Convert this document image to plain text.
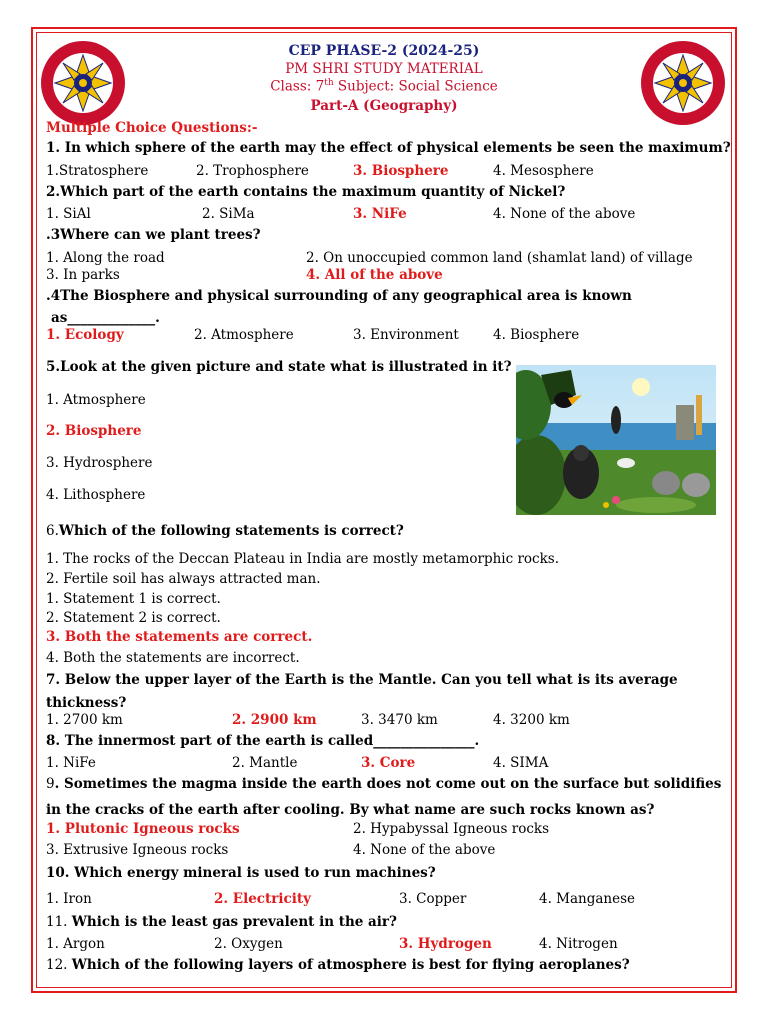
CEP PHASE-2 (2024-25)
PM SHRI STUDY MATERIAL
Class: 7th Subject: Social Science
Part-A (Geography)
Multiple Choice Questions:-
1. In which sphere of the earth may the effect of physical elements be seen the maximum?
1.Stratosphere	2. Trophosphere	3. Biosphere	4. Mesosphere
2.Which part of the earth contains the maximum quantity of Nickel?
1. SiAl	2. SiMa	3. NiFe	4. None of the above
.3Where can we plant trees?
1. Along the road	2. On unoccupied common land (shamlat land) of village
3. In parks	4. All of the above
.4The Biosphere and physical surrounding of any geographical area is known
as_____________.
1. Ecology	2. Atmosphere	3. Environment	4. Biosphere
5.Look at the given picture and state what is illustrated in it?
1. Atmosphere
2. Biosphere
3. Hydrosphere
4. Lithosphere
6.Which of the following statements is correct?
1. The rocks of the Deccan Plateau in India are mostly metamorphic rocks.
2. Fertile soil has always attracted man.
1. Statement 1 is correct.
2. Statement 2 is correct.
3. Both the statements are correct.
4. Both the statements are incorrect.
7. Below the upper layer of the Earth is the Mantle. Can you tell what is its average
thickness?
1. 2700 km	2. 2900 km	3. 3470 km	4. 3200 km
8. The innermost part of the earth is called_______________.
1. NiFe	2. Mantle	3. Core	4. SIMA
9. Sometimes the magma inside the earth does not come out on the surface but solidifies
in the cracks of the earth after cooling. By what name are such rocks known as?
1. Plutonic Igneous rocks	2. Hypabyssal Igneous rocks
3. Extrusive Igneous rocks	4. None of the above
10. Which energy mineral is used to run machines?
1. Iron	2. Electricity	3. Copper	4. Manganese
11. Which is the least gas prevalent in the air?
1. Argon	2. Oxygen	3. Hydrogen	4. Nitrogen
12. Which of the following layers of atmosphere is best for flying aeroplanes?
